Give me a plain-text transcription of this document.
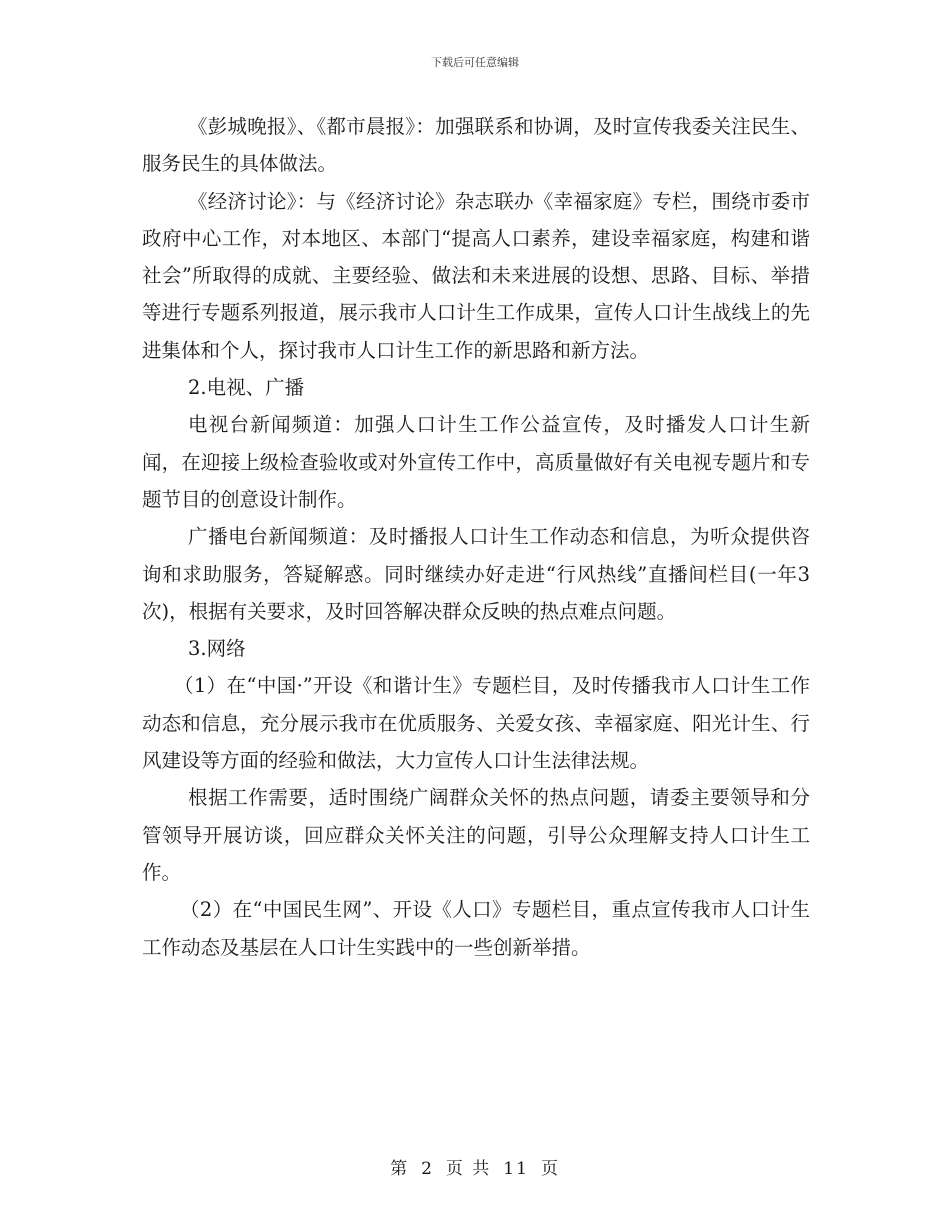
下载后可任意编辑

《彭城晚报》、《都市晨报》：加强联系和协调，及时宣传我委关注民生、服务民生的具体做法。

《经济讨论》：与《经济讨论》杂志联办《幸福家庭》专栏，围绕市委市政府中心工作，对本地区、本部门“提高人口素养，建设幸福家庭，构建和谐社会”所取得的成就、主要经验、做法和未来进展的设想、思路、目标、举措等进行专题系列报道，展示我市人口计生工作成果，宣传人口计生战线上的先进集体和个人，探讨我市人口计生工作的新思路和新方法。

2.电视、广播

电视台新闻频道：加强人口计生工作公益宣传，及时播发人口计生新闻，在迎接上级检查验收或对外宣传工作中，高质量做好有关电视专题片和专题节目的创意设计制作。

广播电台新闻频道：及时播报人口计生工作动态和信息，为听众提供咨询和求助服务，答疑解惑。同时继续办好走进“行风热线”直播间栏目(一年3次)，根据有关要求，及时回答解决群众反映的热点难点问题。

3.网络

（1）在“中国·”开设《和谐计生》专题栏目，及时传播我市人口计生工作动态和信息，充分展示我市在优质服务、关爱女孩、幸福家庭、阳光计生、行风建设等方面的经验和做法，大力宣传人口计生法律法规。

根据工作需要，适时围绕广阔群众关怀的热点问题，请委主要领导和分管领导开展访谈，回应群众关怀关注的问题，引导公众理解支持人口计生工作。

（2）在“中国民生网”、开设《人口》专题栏目，重点宣传我市人口计生工作动态及基层在人口计生实践中的一些创新举措。

第 2 页 共 11 页
